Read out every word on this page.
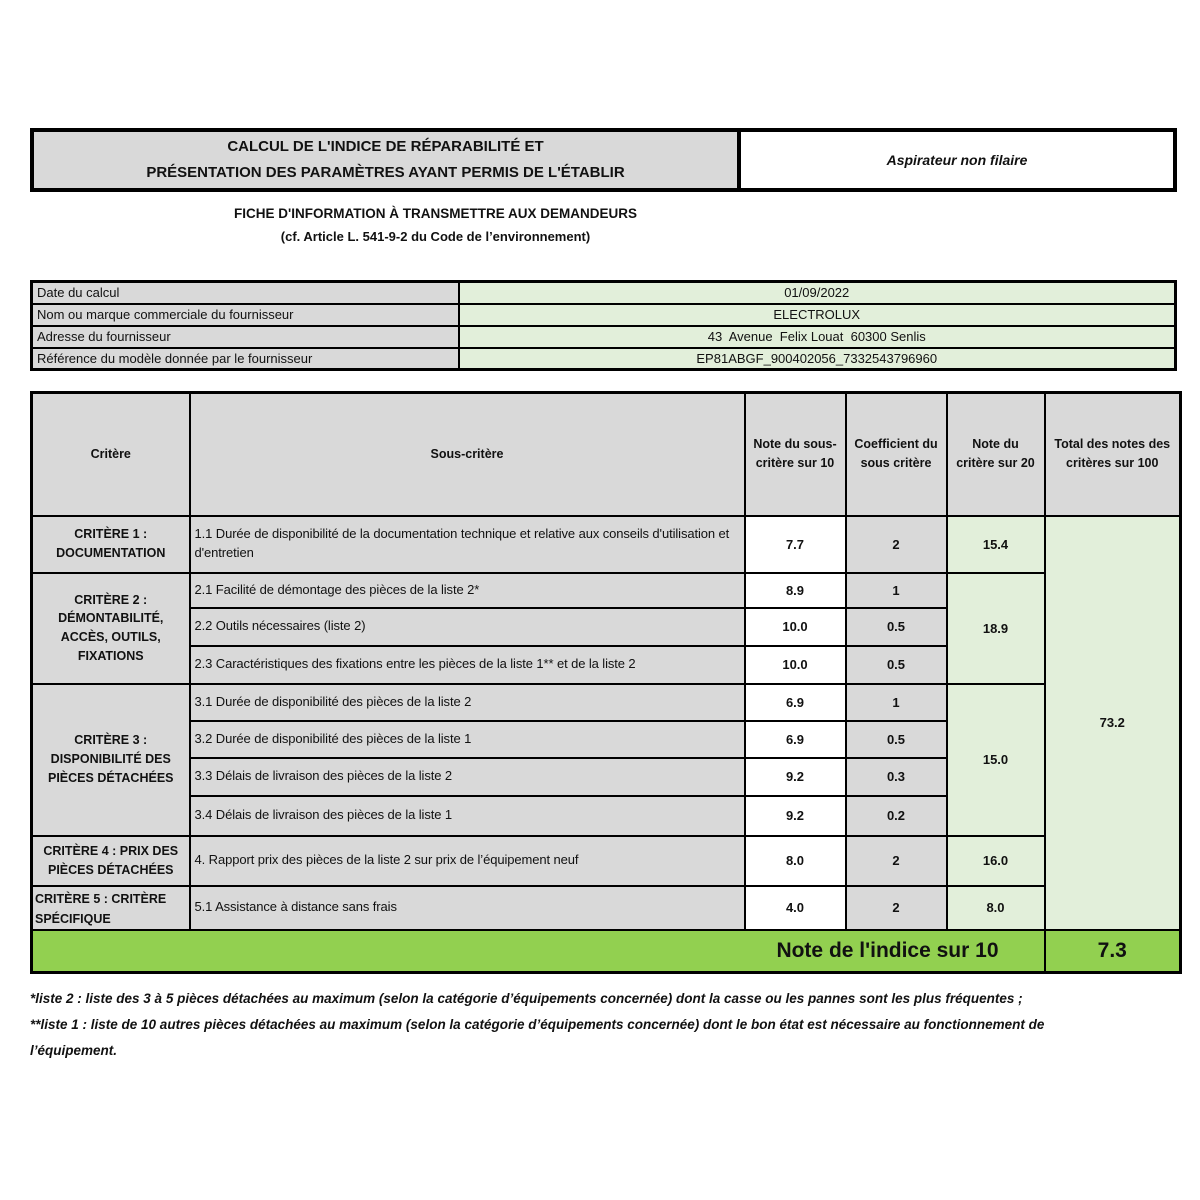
CALCUL DE L'INDICE DE RÉPARABILITÉ ET
PRÉSENTATION DES PARAMÈTRES AYANT PERMIS DE L'ÉTABLIR
Aspirateur non filaire
FICHE D'INFORMATION À TRANSMETTRE AUX DEMANDEURS
(cf. Article L. 541-9-2 du Code de l’environnement)
Date du calcul	01/09/2022
Nom ou marque commerciale du fournisseur	ELECTROLUX
Adresse du fournisseur	43  Avenue  Felix Louat  60300 Senlis
Référence du modèle donnée par le fournisseur	EP81ABGF_900402056_7332543796960
Critère	Sous-critère	Note du sous-critère sur 10	Coefficient du sous critère	Note du critère sur 20	Total des notes des critères sur 100
CRITÈRE 1 : DOCUMENTATION	1.1 Durée de disponibilité de la documentation technique et relative aux conseils d'utilisation et d'entretien	7.7	2	15.4	73.2
CRITÈRE 2 : DÉMONTABILITÉ, ACCÈS, OUTILS, FIXATIONS	2.1 Facilité de démontage des pièces de la liste 2*	8.9	1	18.9	
	2.2 Outils nécessaires (liste 2)	10.0	0.5		
	2.3 Caractéristiques des fixations entre les pièces de la liste 1** et de la liste 2	10.0	0.5		
CRITÈRE 3 : DISPONIBILITÉ DES PIÈCES DÉTACHÉES	3.1 Durée de disponibilité des pièces de la liste 2	6.9	1	15.0	
	3.2 Durée de disponibilité des pièces de la liste 1	6.9	0.5		
	3.3 Délais de livraison des pièces de la liste 2	9.2	0.3		
	3.4 Délais de livraison des pièces de la liste 1	9.2	0.2		
CRITÈRE 4 : PRIX DES PIÈCES DÉTACHÉES	4. Rapport prix des pièces de la liste 2 sur prix de l’équipement neuf	8.0	2	16.0	
CRITÈRE 5 : CRITÈRE SPÉCIFIQUE	5.1 Assistance à distance sans frais	4.0	2	8.0	
Note de l'indice sur 10					7.3
*liste 2 : liste des 3 à 5 pièces détachées au maximum (selon la catégorie d’équipements concernée) dont la casse ou les pannes sont les plus fréquentes ;
**liste 1 : liste de 10 autres pièces détachées au maximum (selon la catégorie d’équipements concernée) dont le bon état est nécessaire au fonctionnement de
l’équipement.
